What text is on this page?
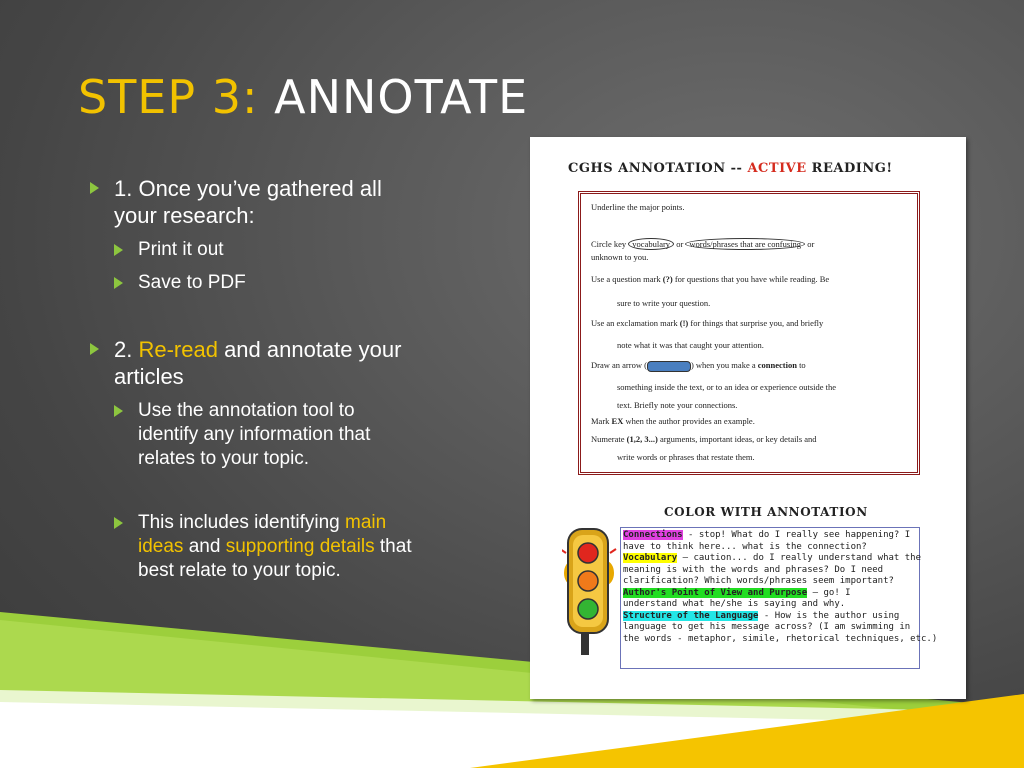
STEP 3: ANNOTATE
1. Once you’ve gathered all
your research:
Print it out
Save to PDF
2. Re-read and annotate your
articles
Use the annotation tool to
identify any information that
relates to your topic.
This includes identifying main
ideas and supporting details that
best relate to your topic.
CGHS ANNOTATION -- ACTIVE READING!

Underline the major points.

Circle key vocabulary or words/phrases that are confusing or

unknown to you.

Use a question mark (?) for questions that you have while reading. Be

sure to write your question.

Use an exclamation mark (!) for things that surprise you, and briefly

note what it was that caught your attention.

Draw an arrow (	) when you make a connection to

something inside the text, or to an idea or experience outside the

text. Briefly note your connections.

Mark EX when the author provides an example.

Numerate (1,2, 3...) arguments, important ideas, or key details and

write words or phrases that restate them.

COLOR WITH ANNOTATION
Connections - stop! What do I really see happening? I
have to think here... what is the connection?
Vocabulary – caution... do I really understand what the
meaning is with the words and phrases? Do I need
clarification? Which words/phrases seem important?
Author's Point of View and Purpose – go! I
understand what he/she is saying and why.
Structure of the Language - How is the author using
language to get his message across? (I am swimming in
the words - metaphor, simile, rhetorical techniques, etc.)
